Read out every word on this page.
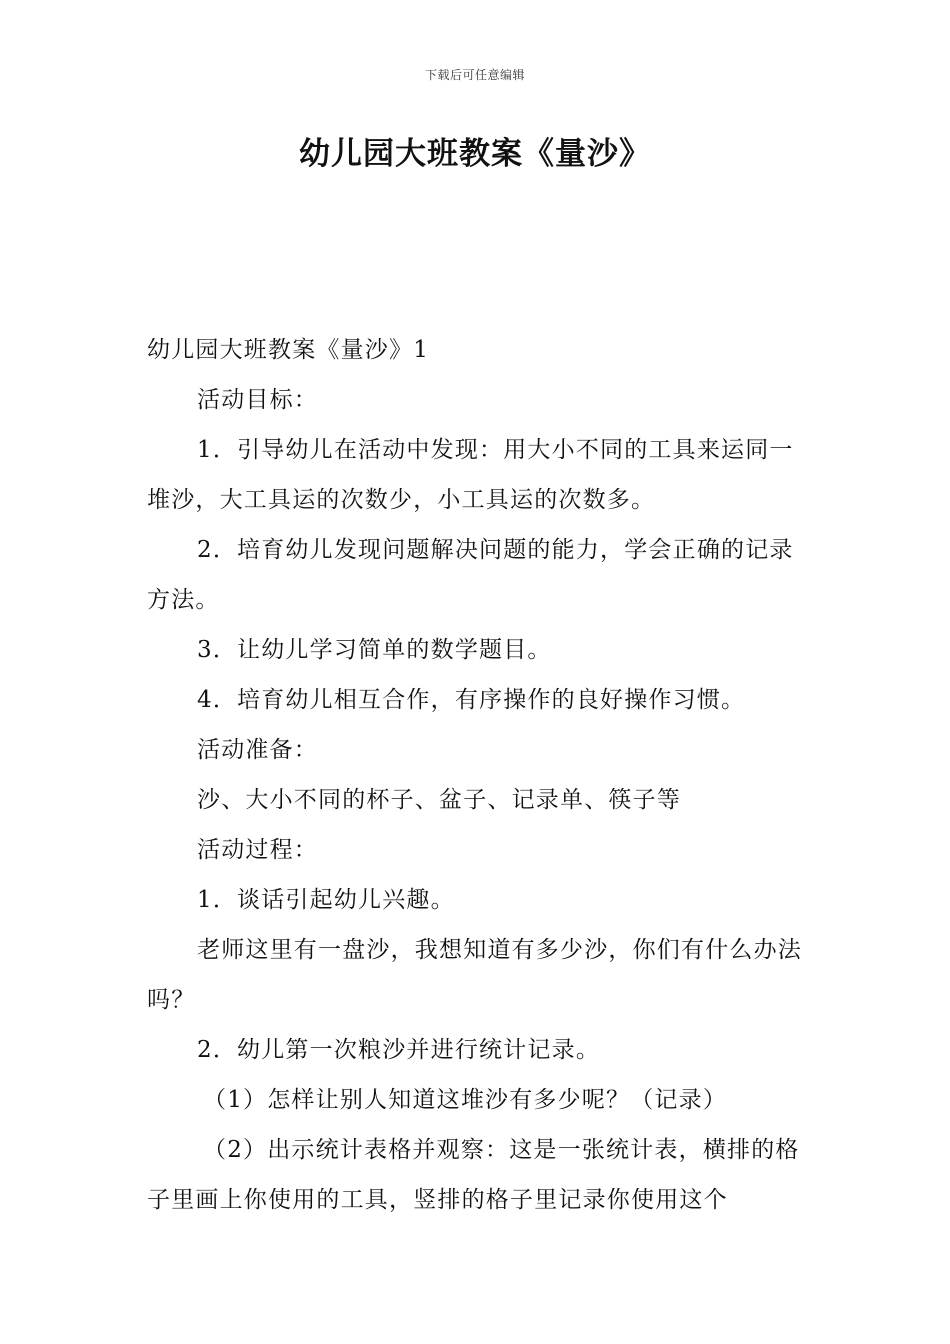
下载后可任意编辑
幼儿园大班教案《量沙》

幼儿园大班教案《量沙》1

活动目标：

1．引导幼儿在活动中发现：用大小不同的工具来运同一堆沙，大工具运的次数少，小工具运的次数多。

2．培育幼儿发现问题解决问题的能力，学会正确的记录方法。

3．让幼儿学习简单的数学题目。

4．培育幼儿相互合作，有序操作的良好操作习惯。

活动准备：

沙、大小不同的杯子、盆子、记录单、筷子等

活动过程：

1．谈话引起幼儿兴趣。

老师这里有一盘沙，我想知道有多少沙，你们有什么办法吗？

2．幼儿第一次粮沙并进行统计记录。

（1）怎样让别人知道这堆沙有多少呢？（记录）

（2）出示统计表格并观察：这是一张统计表，横排的格子里画上你使用的工具，竖排的格子里记录你使用这个
